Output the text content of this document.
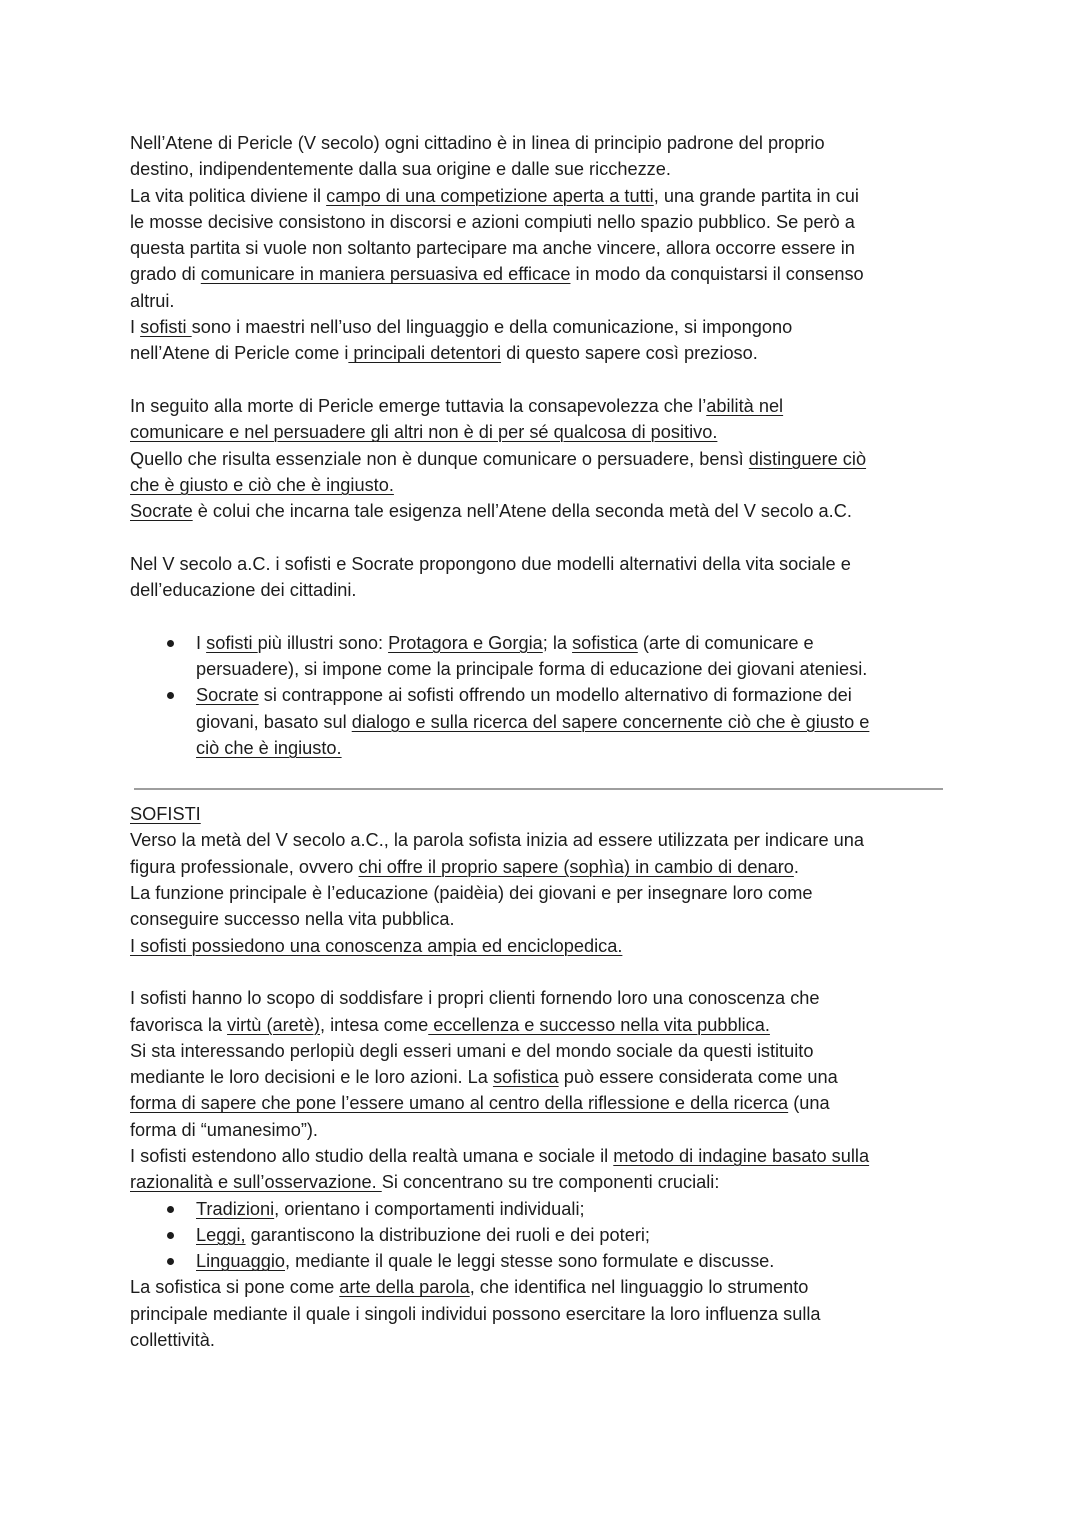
Nell’Atene di Pericle (V secolo) ogni cittadino è in linea di principio padrone del proprio
destino, indipendentemente dalla sua origine e dalle sue ricchezze.
La vita politica diviene il campo di una competizione aperta a tutti, una grande partita in cui
le mosse decisive consistono in discorsi e azioni compiuti nello spazio pubblico. Se però a
questa partita si vuole non soltanto partecipare ma anche vincere, allora occorre essere in
grado di comunicare in maniera persuasiva ed efficace in modo da conquistarsi il consenso
altrui.
I sofisti sono i maestri nell’uso del linguaggio e della comunicazione, si impongono
nell’Atene di Pericle come i principali detentori di questo sapere così prezioso.
In seguito alla morte di Pericle emerge tuttavia la consapevolezza che l’abilità nel
comunicare e nel persuadere gli altri non è di per sé qualcosa di positivo.
Quello che risulta essenziale non è dunque comunicare o persuadere, bensì distinguere ciò
che è giusto e ciò che è ingiusto.
Socrate è colui che incarna tale esigenza nell’Atene della seconda metà del V secolo a.C.
Nel V secolo a.C. i sofisti e Socrate propongono due modelli alternativi della vita sociale e
dell’educazione dei cittadini.
I sofisti più illustri sono: Protagora e Gorgia; la sofistica (arte di comunicare e
persuadere), si impone come la principale forma di educazione dei giovani ateniesi.
Socrate si contrappone ai sofisti offrendo un modello alternativo di formazione dei
giovani, basato sul dialogo e sulla ricerca del sapere concernente ciò che è giusto e
ciò che è ingiusto.
SOFISTI
Verso la metà del V secolo a.C., la parola sofista inizia ad essere utilizzata per indicare una
figura professionale, ovvero chi offre il proprio sapere (sophìa) in cambio di denaro.
La funzione principale è l’educazione (paidèia) dei giovani e per insegnare loro come
conseguire successo nella vita pubblica.
I sofisti possiedono una conoscenza ampia ed enciclopedica.
I sofisti hanno lo scopo di soddisfare i propri clienti fornendo loro una conoscenza che
favorisca la virtù (aretè), intesa come eccellenza e successo nella vita pubblica.
Si sta interessando perlopiù degli esseri umani e del mondo sociale da questi istituito
mediante le loro decisioni e le loro azioni. La sofistica può essere considerata come una
forma di sapere che pone l’essere umano al centro della riflessione e della ricerca (una
forma di “umanesimo”).
I sofisti estendono allo studio della realtà umana e sociale il metodo di indagine basato sulla
razionalità e sull’osservazione. Si concentrano su tre componenti cruciali:
Tradizioni, orientano i comportamenti individuali;
Leggi, garantiscono la distribuzione dei ruoli e dei poteri;
Linguaggio, mediante il quale le leggi stesse sono formulate e discusse.
La sofistica si pone come arte della parola, che identifica nel linguaggio lo strumento
principale mediante il quale i singoli individui possono esercitare la loro influenza sulla
collettività.
